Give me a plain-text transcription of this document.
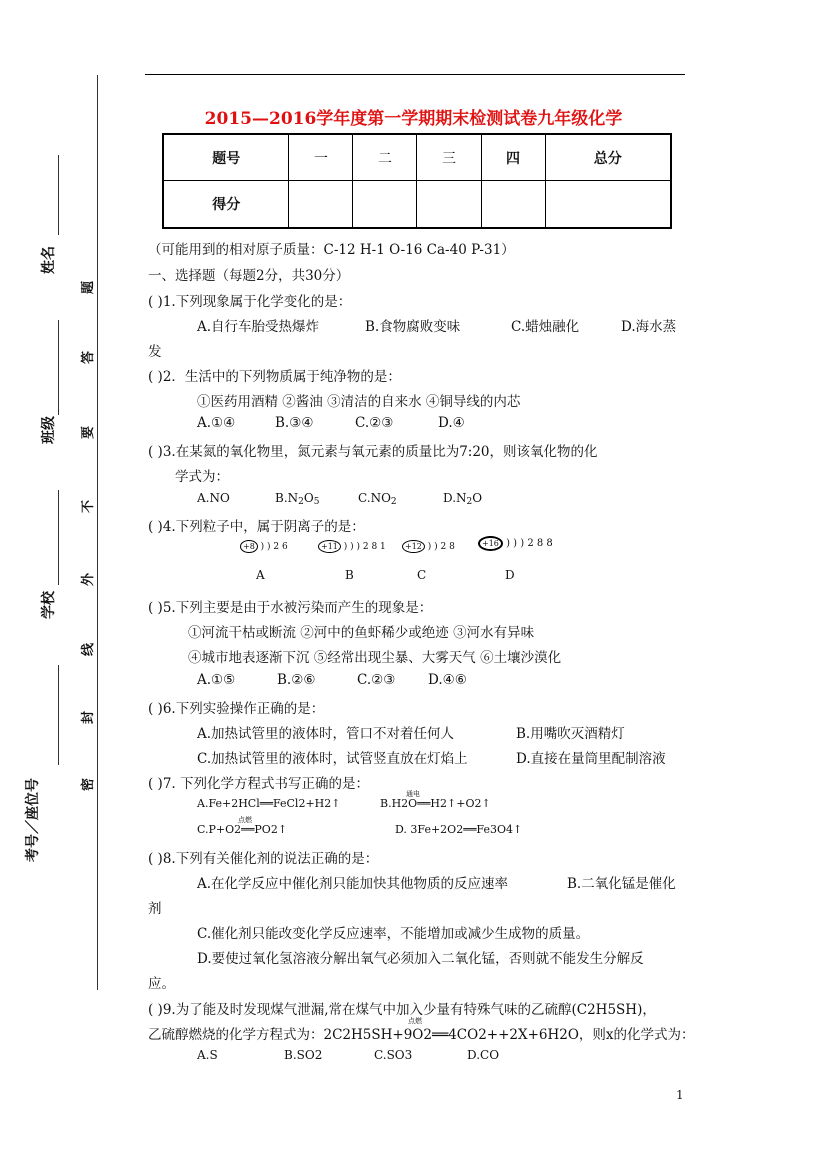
2015—2016学年度第一学期期末检测试卷九年级化学
题号	一	二	三	四	总分
得分					
姓名
班级
学校
考号／座位号
题
答
要
不
外
线
封
密
（可能用到的相对原子质量：C-12 H-1 O-16 Ca-40 P-31）
一、选择题（每题2分，共30分）
( )1.下列现象属于化学变化的是：
A.自行车胎受热爆炸	B.食物腐败变味	C.蜡烛融化	D.海水蒸
发
( )2．生活中的下列物质属于纯净物的是：
①医药用酒精 ②酱油 ③清洁的自来水 ④铜导线的内芯
A.①④	B.③④	C.②③	D.④
( )3.在某氮的氧化物里，氮元素与氧元素的质量比为7:20，则该氧化物的化
学式为：
A.NO	$B.N_2O_5$	$C.NO_2$	$D.N_2O$
( )4.下列粒子中，属于阴离子的是：
+8 ) ) 2 6	+11 ) ) ) 2 8 1	+12 ) ) 2 8	+16 ) ) ) 2 8 8
A	B	C	D
( )5.下列主要是由于水被污染而产生的现象是：
①河流干枯或断流 ②河中的鱼虾稀少或绝迹 ③河水有异味
④城市地表逐渐下沉 ⑤经常出现尘暴、大雾天气 ⑥土壤沙漠化
A.①⑤	B.②⑥	C.②③ D.④⑥
( )6.下列实验操作正确的是：
A.加热试管里的液体时，管口不对着任何人	B.用嘴吹灭酒精灯
C.加热试管里的液体时，试管竖直放在灯焰上	D.直接在量筒里配制溶液
( )7. 下列化学方程式书写正确的是：
A.Fe+2HCl══FeCl2+H2↑
通电
B.H2O══H2↑+O2↑
点燃
C.P+O2══PO2↑	D. 3Fe+2O2══Fe3O4↑
( )8.下列有关催化剂的说法正确的是：
A.在化学反应中催化剂只能加快其他物质的反应速率	B.二氧化锰是催化
剂
C.催化剂只能改变化学反应速率，不能增加或减少生成物的质量。
D.要使过氧化氢溶液分解出氧气必须加入二氧化锰，否则就不能发生分解反
应。
( )9.为了能及时发现煤气泄漏,常在煤气中加入少量有特殊气味的乙硫醇(C2H5SH)，
点燃
乙硫醇燃烧的化学方程式为：2C2H5SH+9O2══4CO2++2X+6H2O，则x的化学式为：
A.S	B.SO2	C.SO3	D.CO
1
